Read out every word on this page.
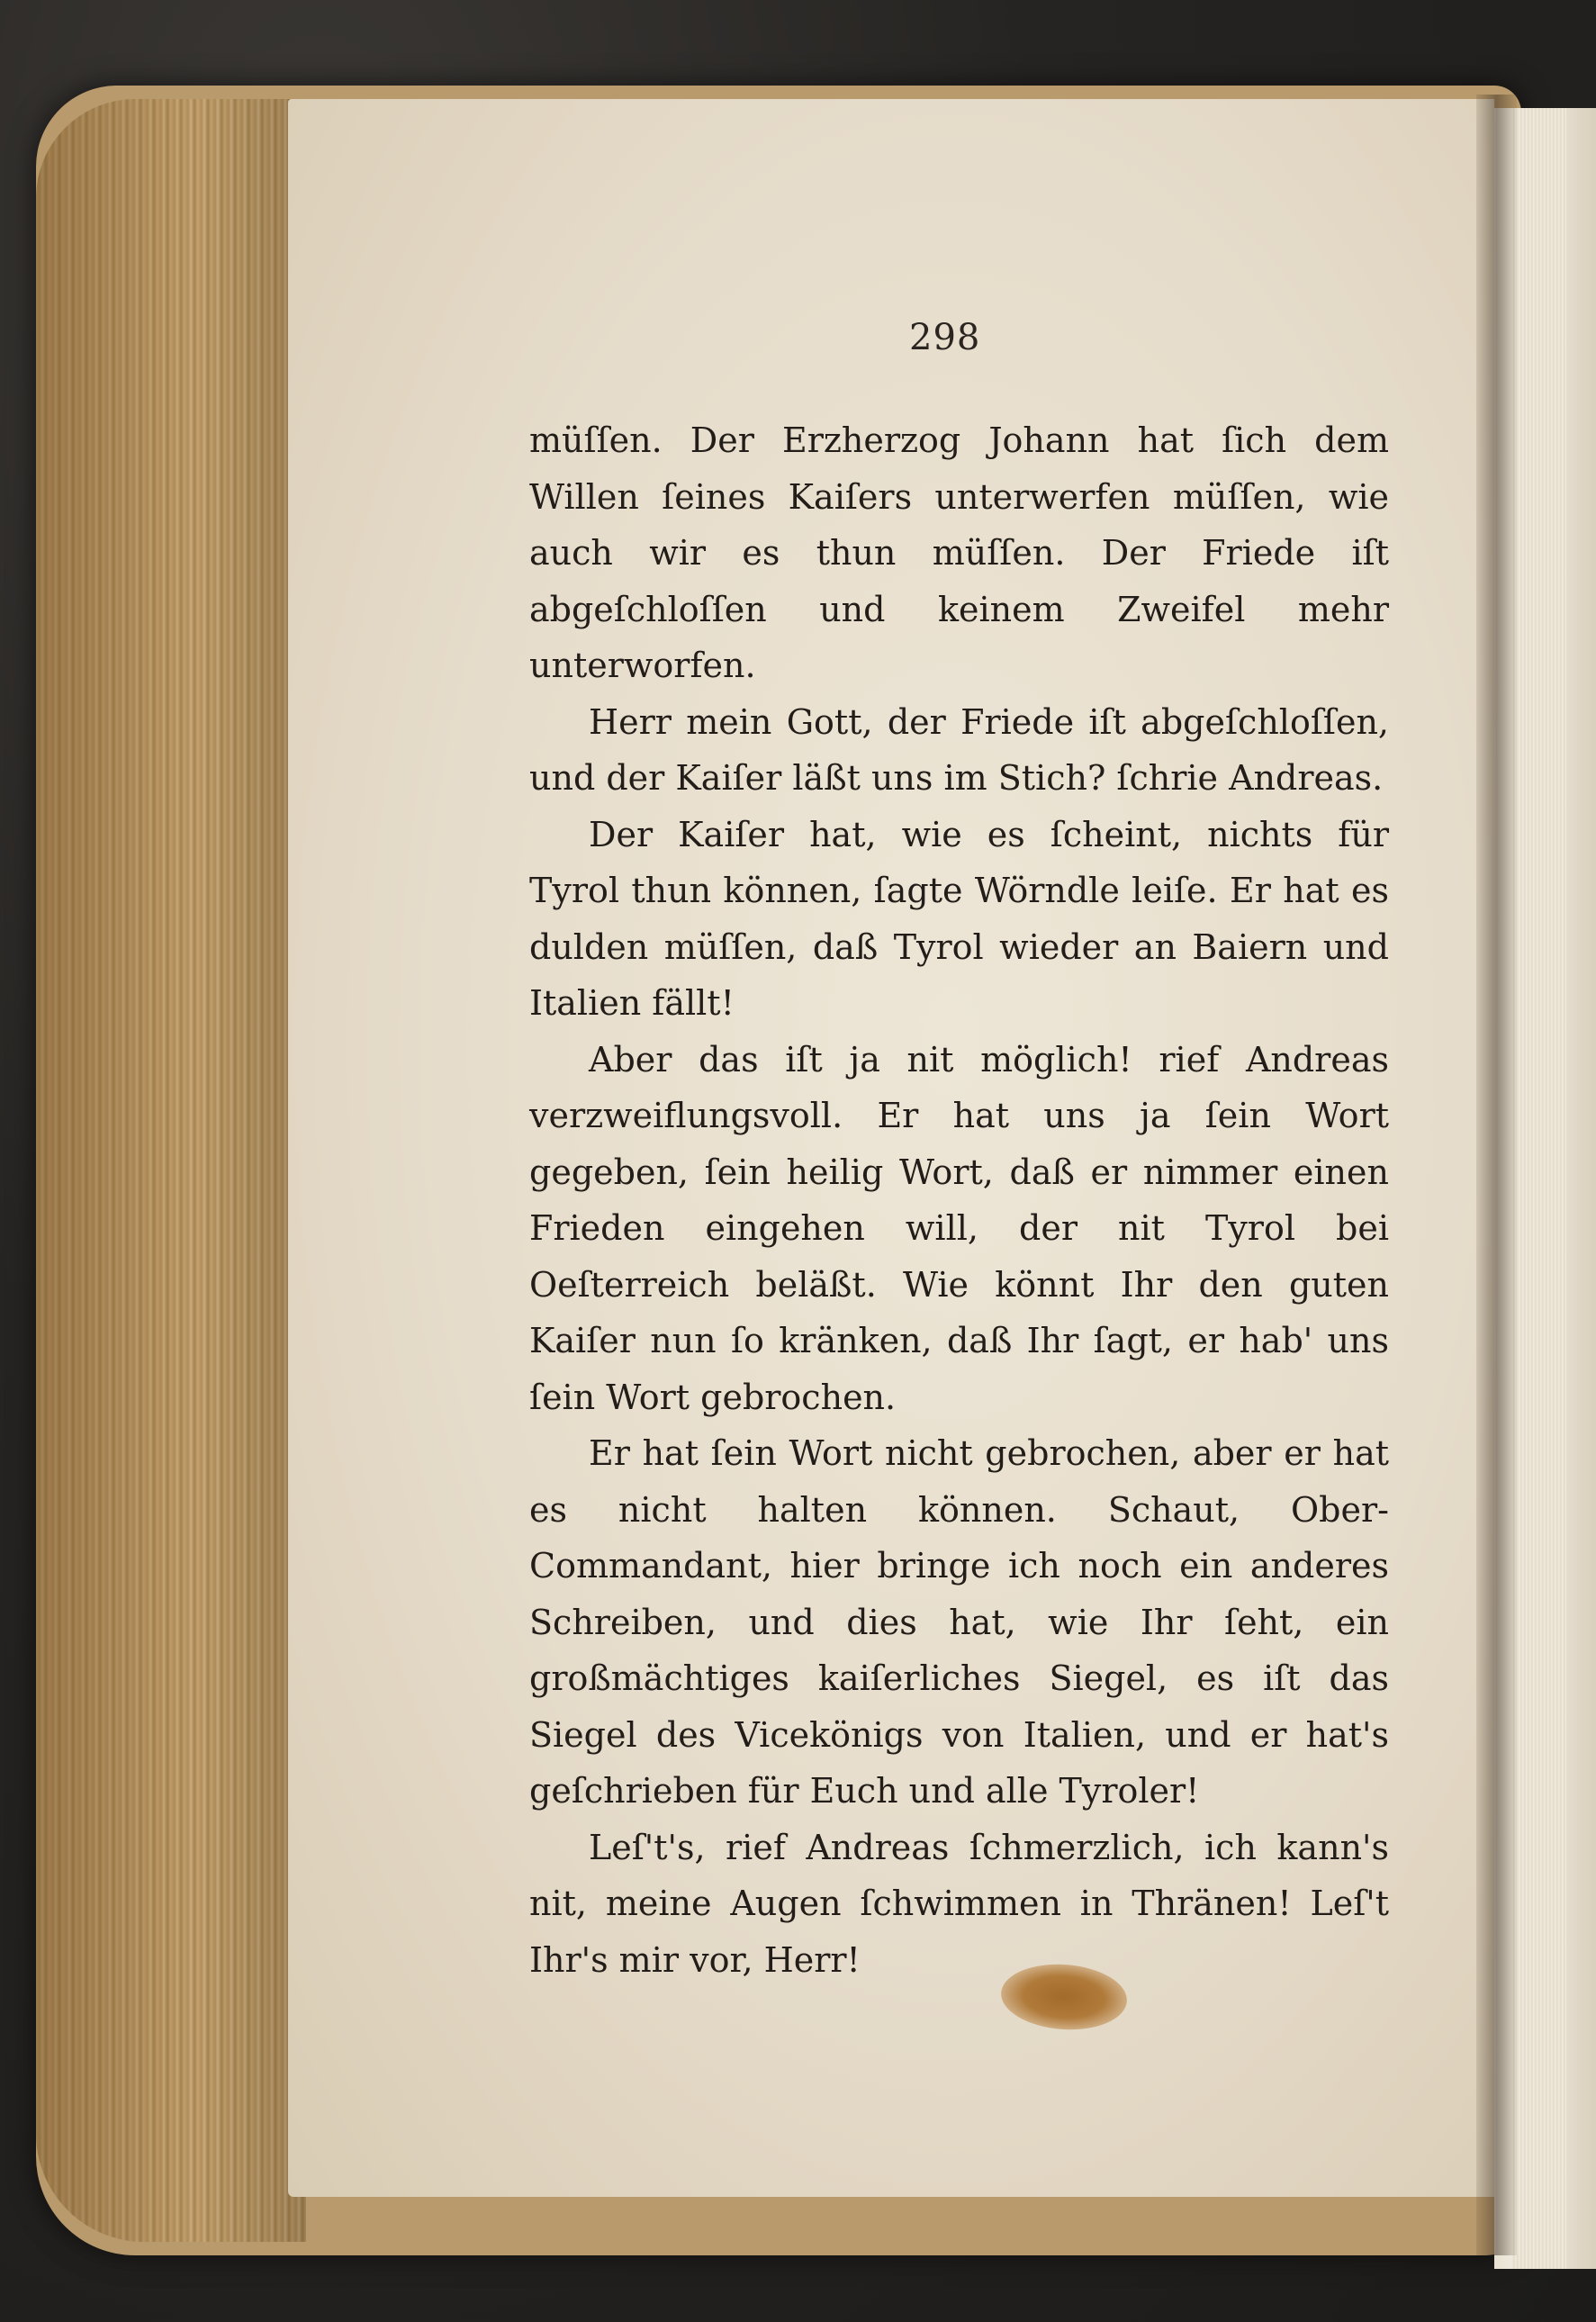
298

müſſen. Der Erzherzog Johann hat ſich dem Willen ſeines Kaiſers unterwerfen müſſen, wie auch wir es thun müſſen. Der Friede iſt abgeſchloſſen und keinem Zweifel mehr unterworfen.

Herr mein Gott, der Friede iſt abgeſchloſſen, und der Kaiſer läßt uns im Stich? ſchrie Andreas.

Der Kaiſer hat, wie es ſcheint, nichts für Tyrol thun können, ſagte Wörndle leiſe. Er hat es dulden müſſen, daß Tyrol wieder an Baiern und Italien fällt!

Aber das iſt ja nit möglich! rief Andreas verzweiflungsvoll. Er hat uns ja ſein Wort gegeben, ſein heilig Wort, daß er nimmer einen Frieden eingehen will, der nit Tyrol bei Oeſterreich beläßt. Wie könnt Ihr den guten Kaiſer nun ſo kränken, daß Ihr ſagt, er hab' uns ſein Wort gebrochen.

Er hat ſein Wort nicht gebrochen, aber er hat es nicht halten können. Schaut, Ober-Commandant, hier bringe ich noch ein anderes Schreiben, und dies hat, wie Ihr ſeht, ein großmächtiges kaiſerliches Siegel, es iſt das Siegel des Vicekönigs von Italien, und er hat's geſchrieben für Euch und alle Tyroler!

Leſ't's, rief Andreas ſchmerzlich, ich kann's nit, meine Augen ſchwimmen in Thränen! Leſ't Ihr's mir vor, Herr!
